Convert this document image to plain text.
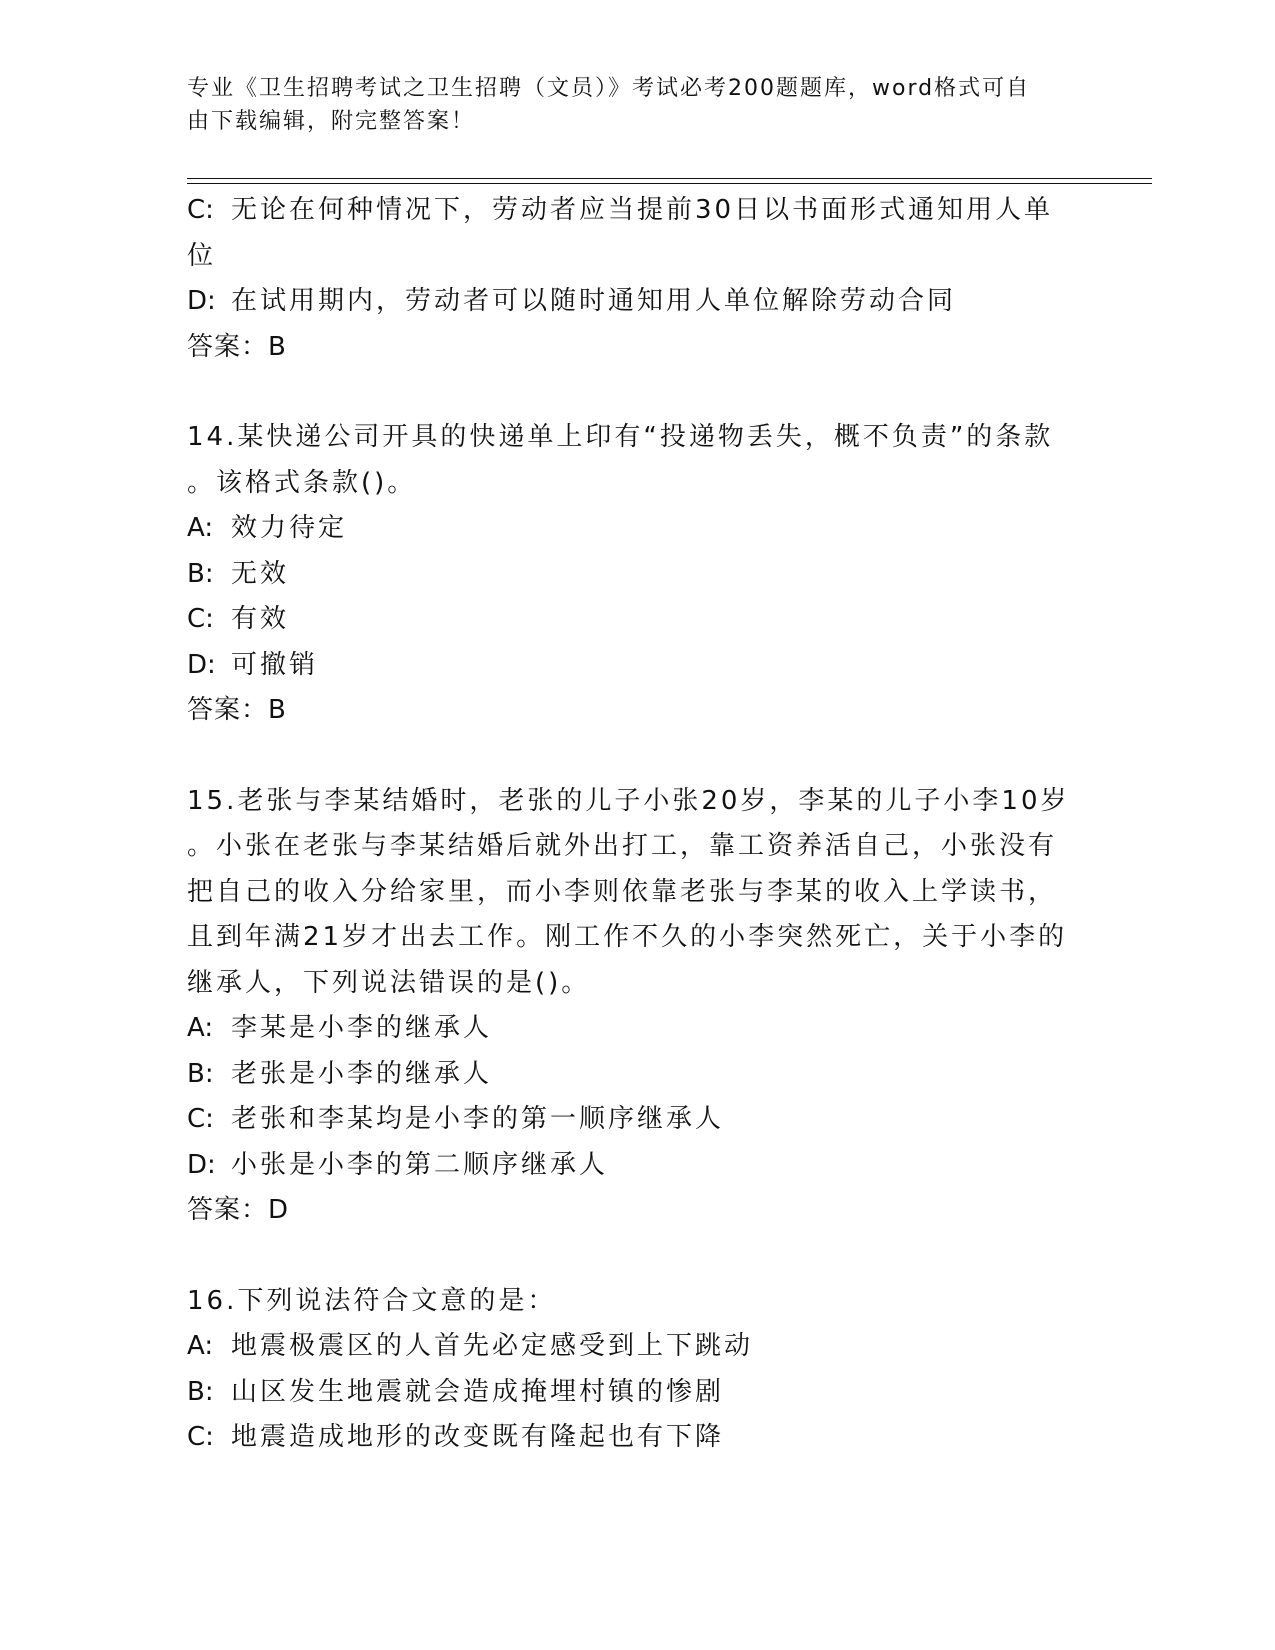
专业《卫生招聘考试之卫生招聘（文员）》考试必考200题题库，word格式可自
由下载编辑，附完整答案！
C: 无论在何种情况下，劳动者应当提前30日以书面形式通知用人单
位
D: 在试用期内，劳动者可以随时通知用人单位解除劳动合同
答案：B
14.某快递公司开具的快递单上印有“投递物丢失，概不负责”的条款
。该格式条款()。
A: 效力待定
B: 无效
C: 有效
D: 可撤销
答案：B
15.老张与李某结婚时，老张的儿子小张20岁，李某的儿子小李10岁
。小张在老张与李某结婚后就外出打工，靠工资养活自己，小张没有
把自己的收入分给家里，而小李则依靠老张与李某的收入上学读书，
且到年满21岁才出去工作。刚工作不久的小李突然死亡，关于小李的
继承人，下列说法错误的是()。
A: 李某是小李的继承人
B: 老张是小李的继承人
C: 老张和李某均是小李的第一顺序继承人
D: 小张是小李的第二顺序继承人
答案：D
16.下列说法符合文意的是：
A: 地震极震区的人首先必定感受到上下跳动
B: 山区发生地震就会造成掩埋村镇的惨剧
C: 地震造成地形的改变既有隆起也有下降
